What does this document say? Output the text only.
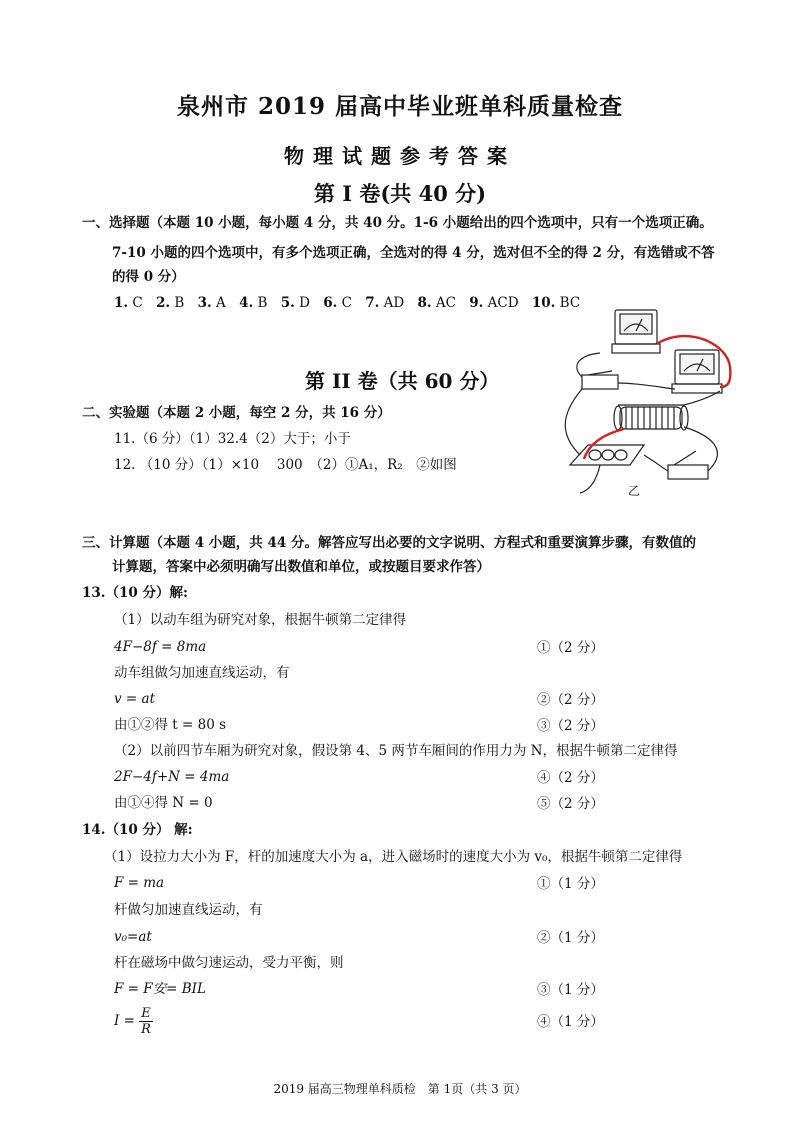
泉州市 2019 届高中毕业班单科质量检查
物理试题参考答案
第 I 卷(共 40 分)
一、选择题（本题 10 小题，每小题 4 分，共 40 分。1-6 小题给出的四个选项中，只有一个选项正确。
7-10 小题的四个选项中，有多个选项正确，全选对的得 4 分，选对但不全的得 2 分，有选错或不答
的得 0 分）
1. C 2. B 3. A 4. B 5. D 6. C 7. AD 8. AC 9. ACD 10. BC
第 II 卷（共 60 分）
二、实验题（本题 2 小题，每空 2 分，共 16 分）
11.（6 分）（1）32.4（2）大于；小于
12. （10 分）（1）×10　 300　（2）①A₁，R₂　②如图
乙
三、计算题（本题 4 小题，共 44 分。解答应写出必要的文字说明、方程式和重要演算步骤，有数值的
计算题，答案中必须明确写出数值和单位，或按题目要求作答）
13.（10 分）解:
（1）以动车组为研究对象，根据牛顿第二定律得
4F−8f = 8ma	①（2 分）
动车组做匀加速直线运动，有
v = at	②（2 分）
由①②得 t = 80 s	③（2 分）
（2）以前四节车厢为研究对象，假设第 4、5 两节车厢间的作用力为 N，根据牛顿第二定律得
2F−4f+N = 4ma	④（2 分）
由①④得 N = 0	⑤（2 分）
14.（10 分） 解:
（1）设拉力大小为 F，杆的加速度大小为 a，进入磁场时的速度大小为 v₀，根据牛顿第二定律得
F = ma	①（1 分）
杆做匀加速直线运动，有
v₀=at	②（1 分）
杆在磁场中做匀速运动，受力平衡，则
F = F安= BIL	③（1 分）
$I = \frac{E}{R}$	④（1 分）
2019 届高三物理单科质检　第 1页（共 3 页）
